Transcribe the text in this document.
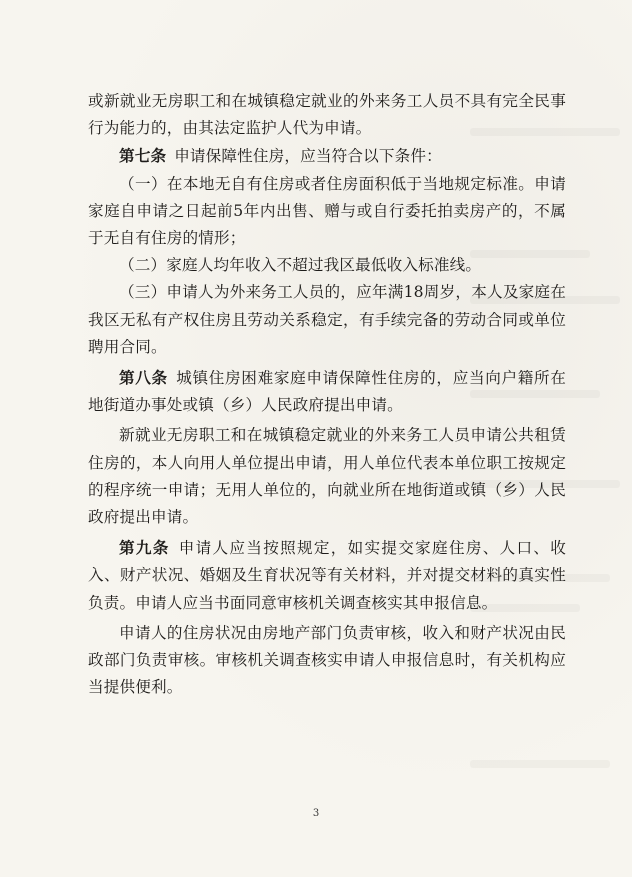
或新就业无房职工和在城镇稳定就业的外来务工人员不具有完全民事行为能力的，由其法定监护人代为申请。

第七条  申请保障性住房，应当符合以下条件：

（一）在本地无自有住房或者住房面积低于当地规定标准。申请家庭自申请之日起前5年内出售、赠与或自行委托拍卖房产的，不属于无自有住房的情形；

（二）家庭人均年收入不超过我区最低收入标准线。

（三）申请人为外来务工人员的，应年满18周岁，本人及家庭在我区无私有产权住房且劳动关系稳定，有手续完备的劳动合同或单位聘用合同。

第八条  城镇住房困难家庭申请保障性住房的，应当向户籍所在地街道办事处或镇（乡）人民政府提出申请。

新就业无房职工和在城镇稳定就业的外来务工人员申请公共租赁住房的，本人向用人单位提出申请，用人单位代表本单位职工按规定的程序统一申请；无用人单位的，向就业所在地街道或镇（乡）人民政府提出申请。

第九条  申请人应当按照规定，如实提交家庭住房、人口、收入、财产状况、婚姻及生育状况等有关材料，并对提交材料的真实性负责。申请人应当书面同意审核机关调查核实其申报信息。

申请人的住房状况由房地产部门负责审核，收入和财产状况由民政部门负责审核。审核机关调查核实申请人申报信息时，有关机构应当提供便利。

3
